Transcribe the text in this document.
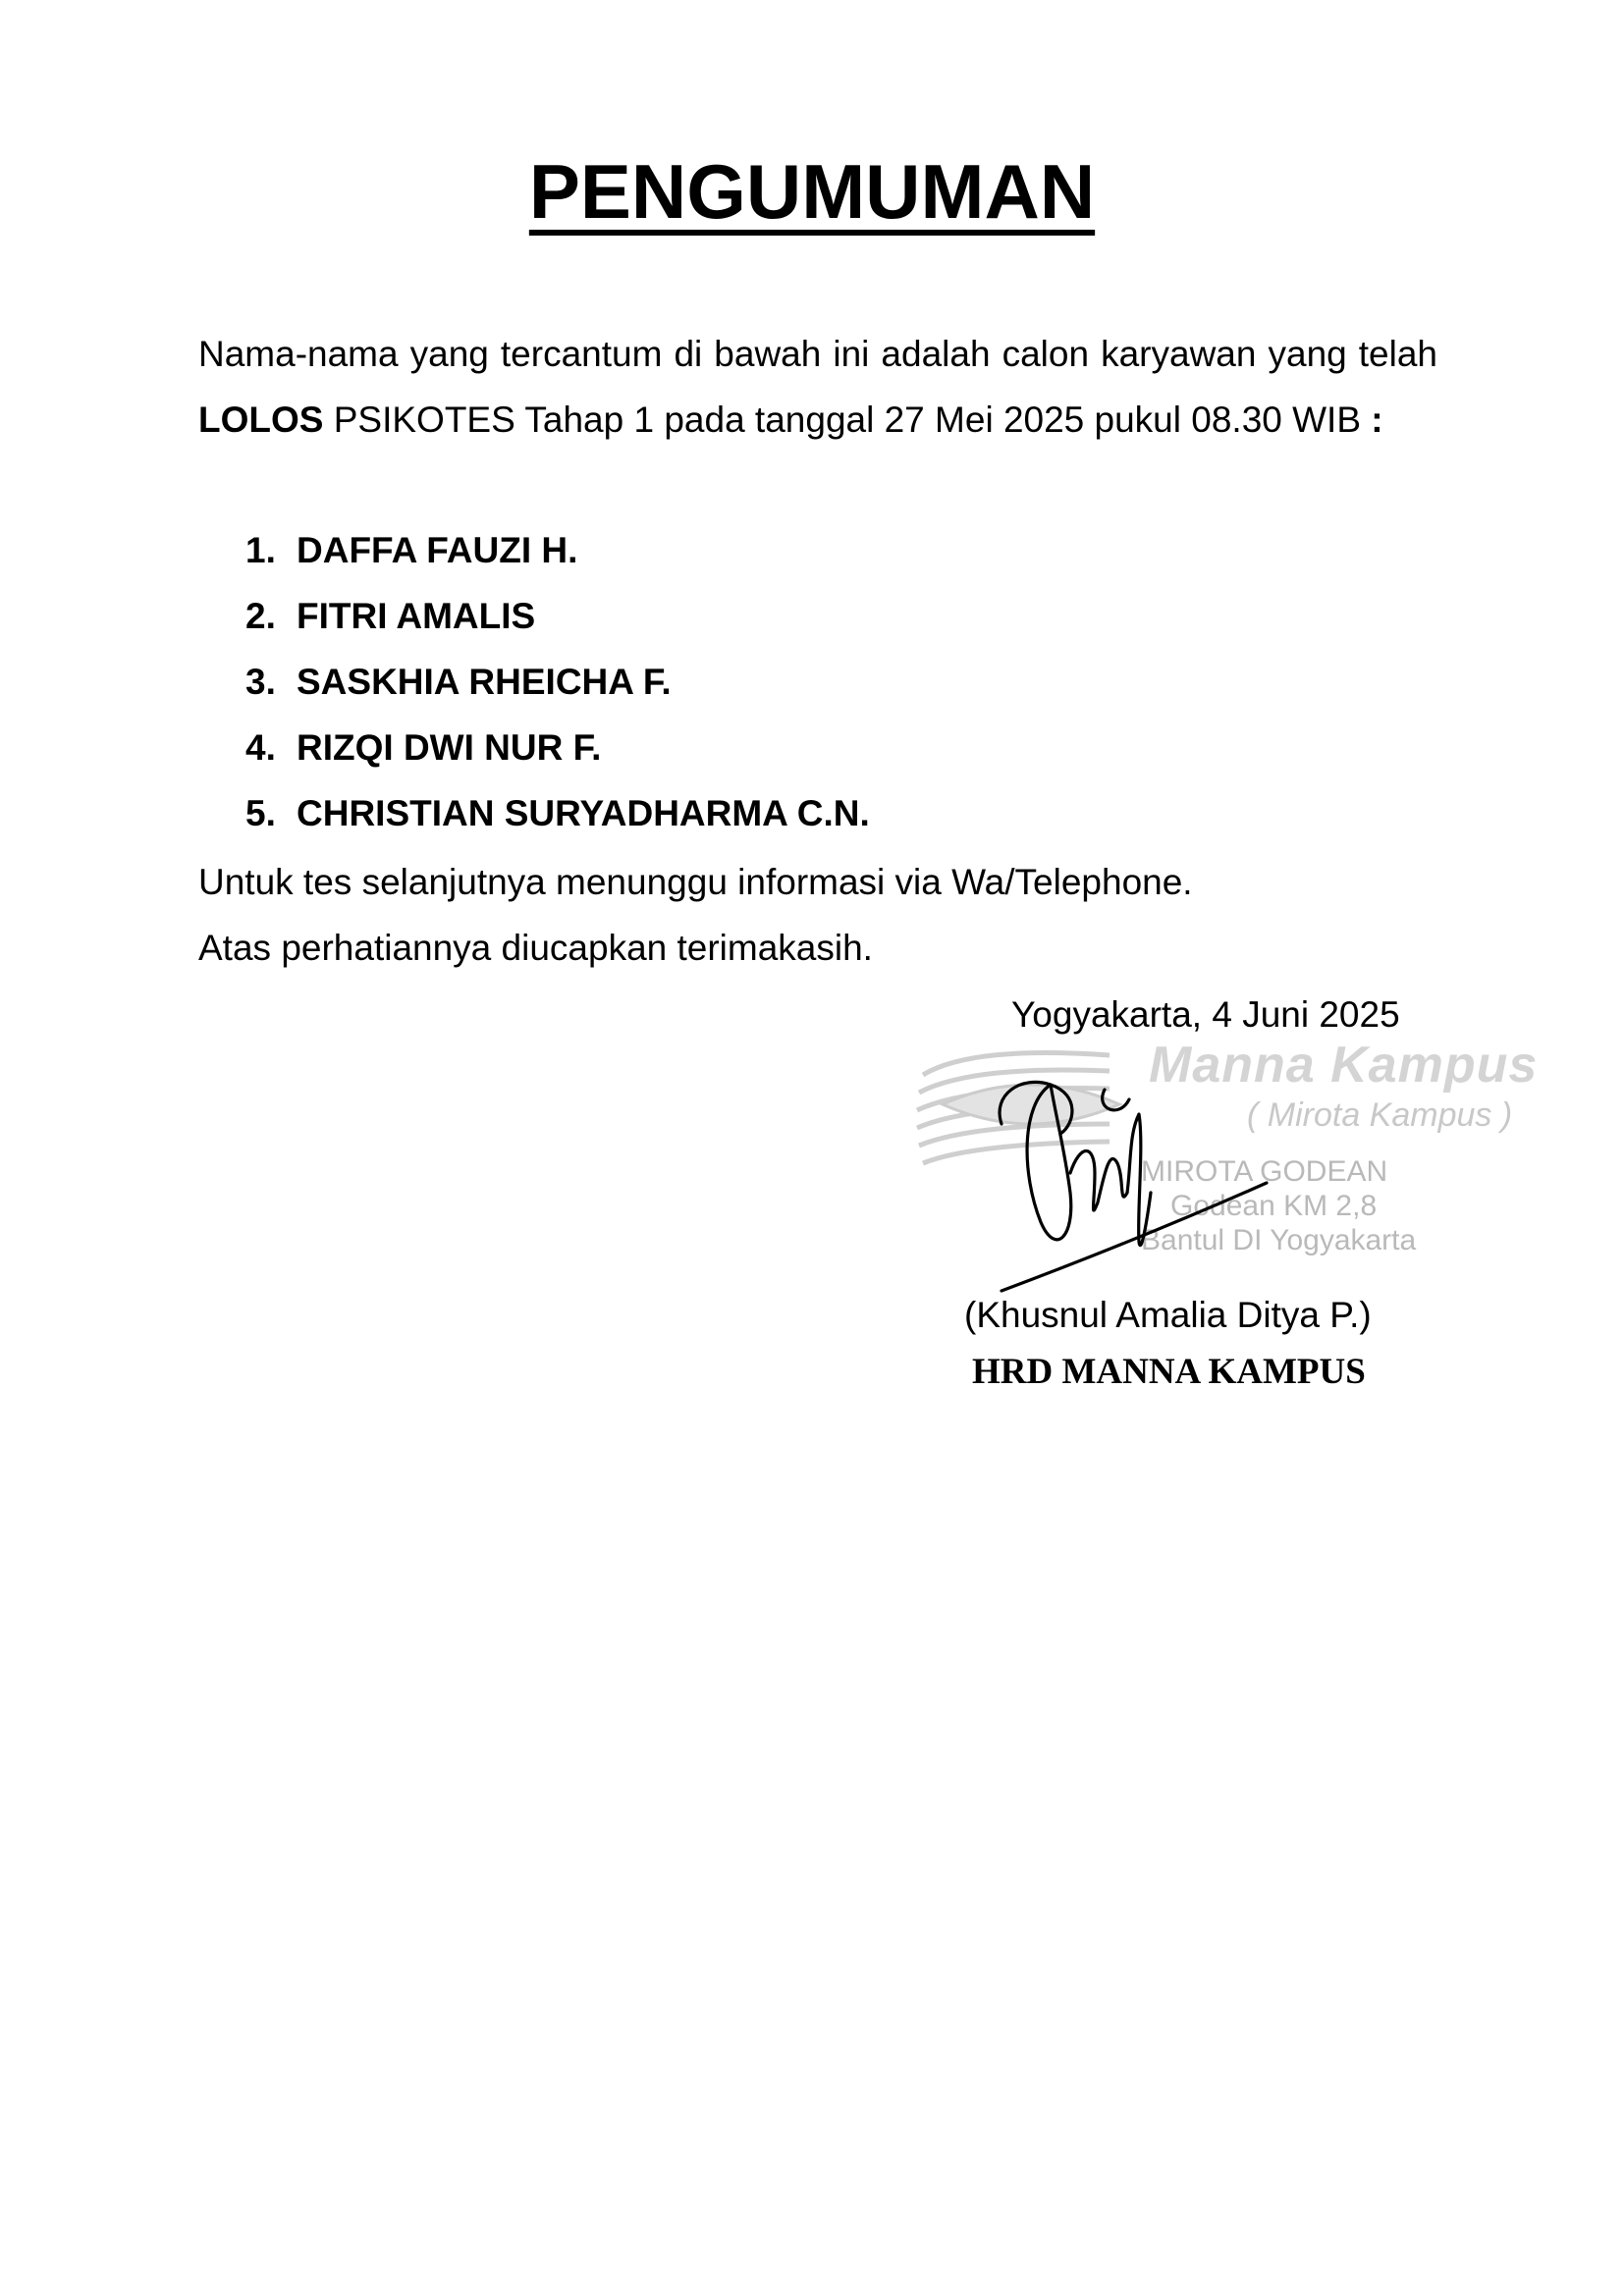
PENGUMUMAN
Nama-nama yang tercantum di bawah ini adalah calon karyawan yang telah LOLOS PSIKOTES Tahap 1 pada tanggal 27 Mei 2025 pukul 08.30 WIB :
1. DAFFA FAUZI H.
2. FITRI AMALIS
3. SASKHIA RHEICHA F.
4. RIZQI DWI NUR F.
5. CHRISTIAN SURYADHARMA C.N.
Untuk tes selanjutnya menunggu informasi via Wa/Telephone.
Atas perhatiannya diucapkan terimakasih.
Yogyakarta, 4 Juni 2025
Manna Kampus
( Mirota Kampus )
MIROTA GODEAN
Godean KM 2,8
Bantul DI Yogyakarta
(Khusnul Amalia Ditya P.)
HRD MANNA KAMPUS
